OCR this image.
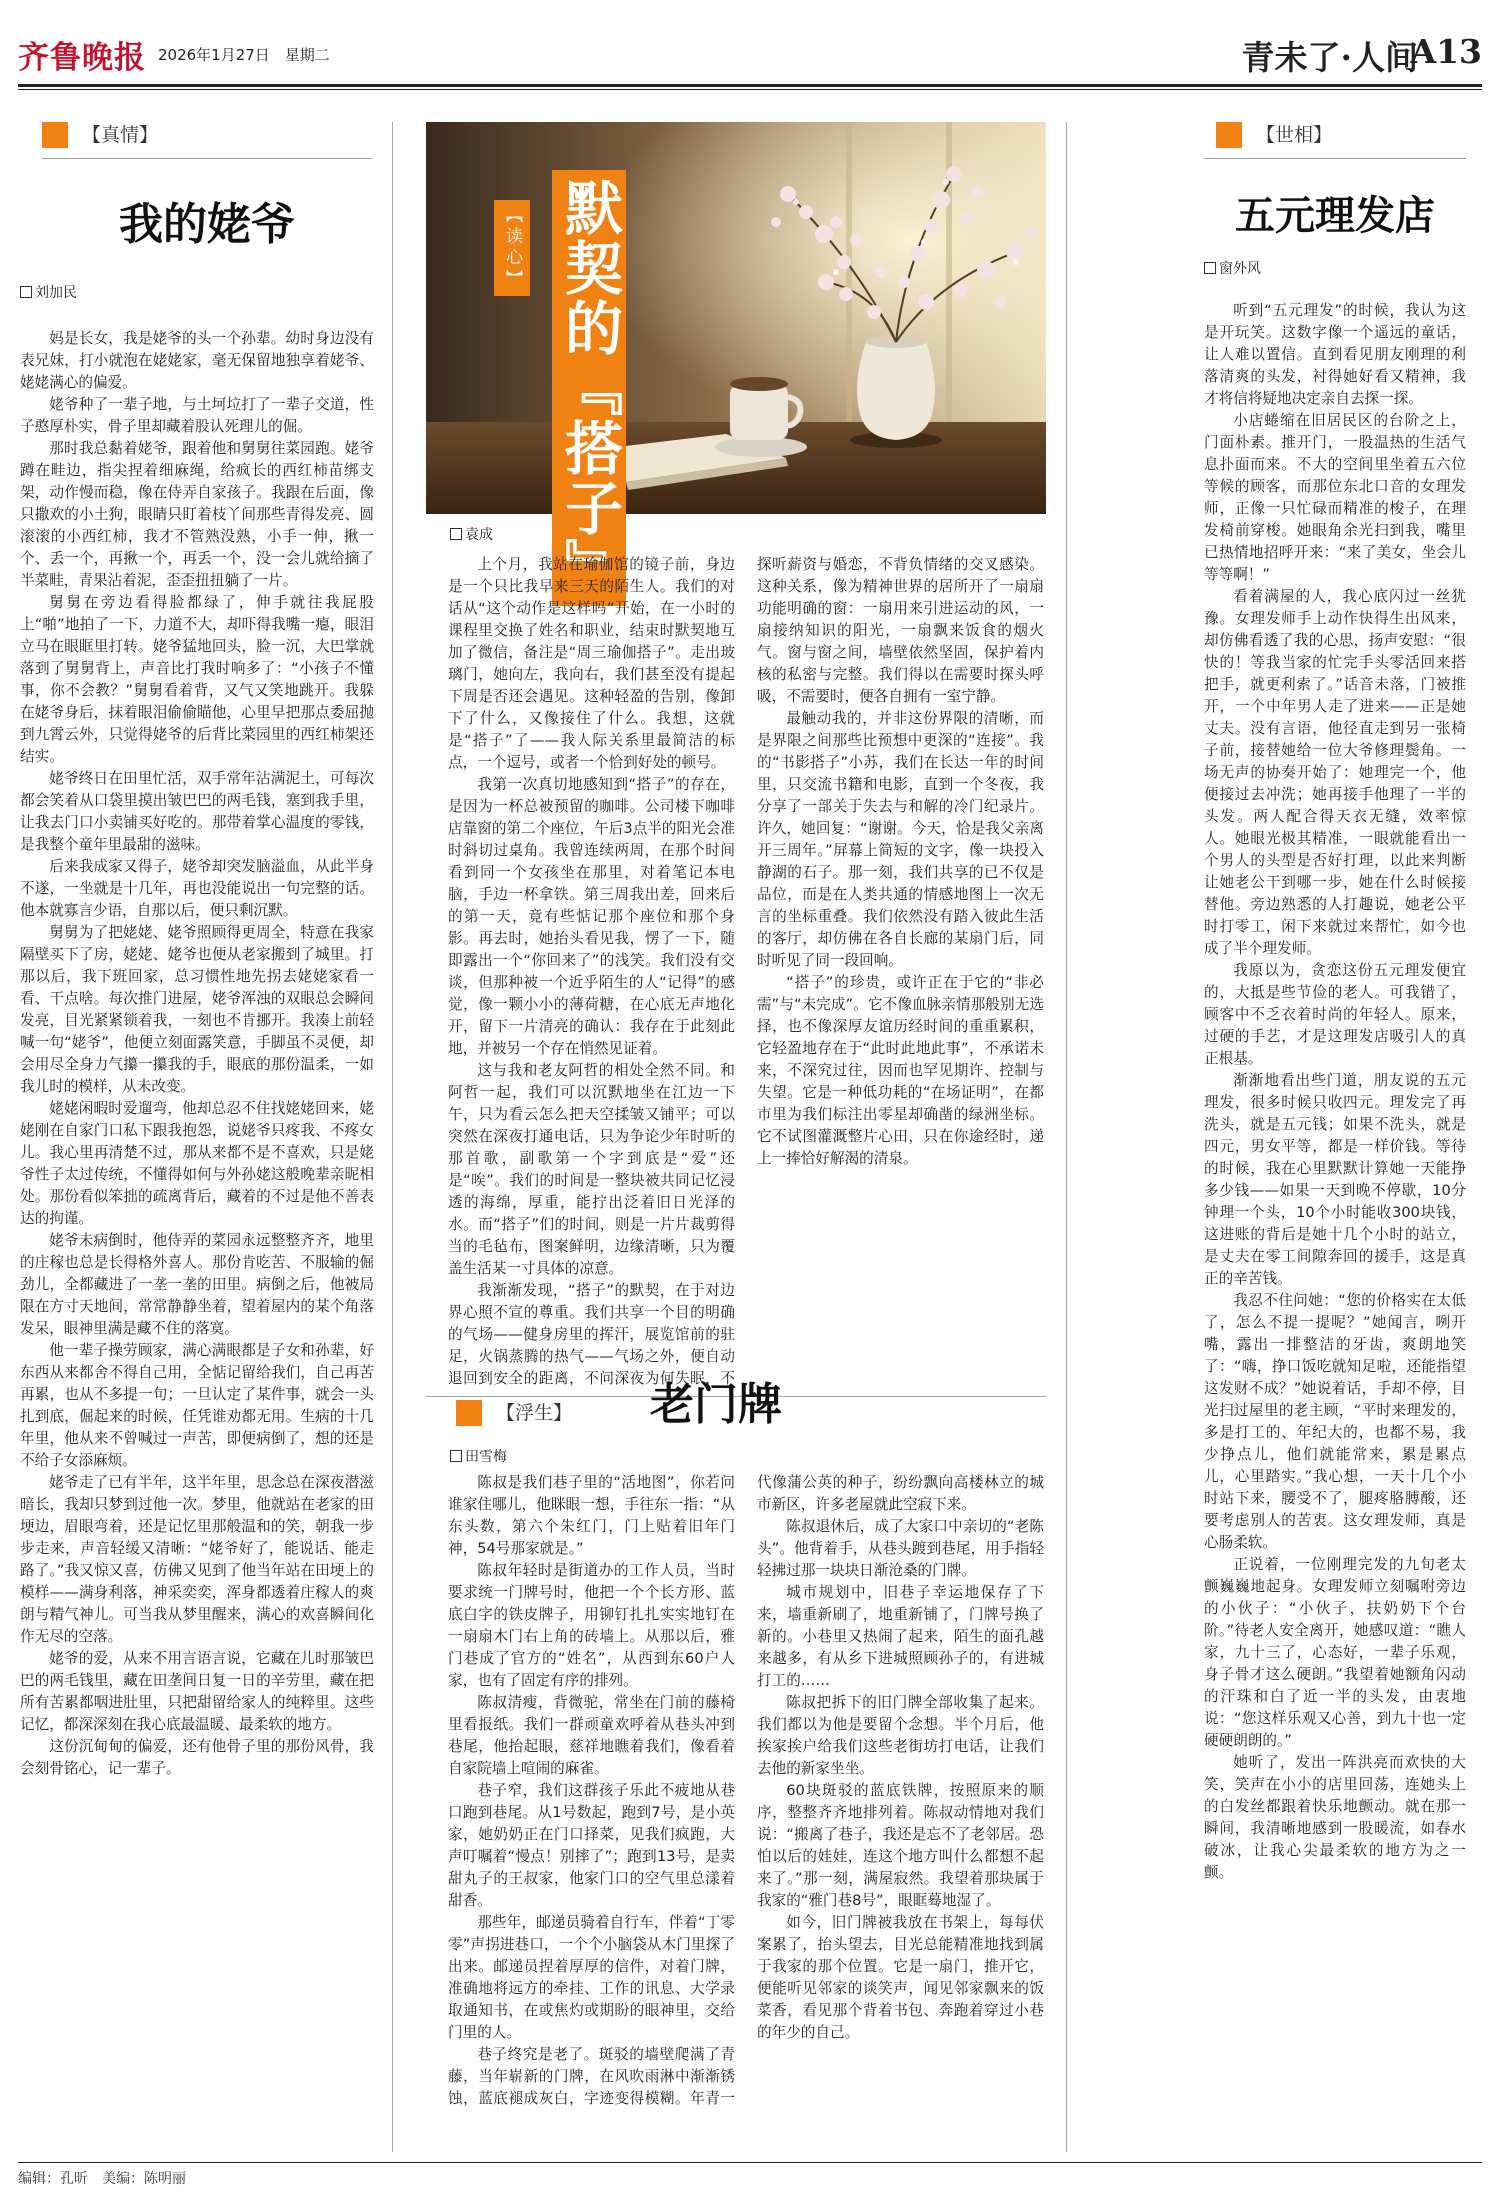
齐鲁晚报 2026年1月27日　星期二	青未了·人间
A13
【真情】
我的姥爷
刘加民

妈是长女，我是姥爷的头一个孙辈。幼时身边没有表兄妹，打小就泡在姥姥家，毫无保留地独享着姥爷、姥姥满心的偏爱。

姥爷种了一辈子地，与土坷垃打了一辈子交道，性子憨厚朴实，骨子里却藏着股认死理儿的倔。

那时我总黏着姥爷，跟着他和舅舅往菜园跑。姥爷蹲在畦边，指尖捏着细麻绳，给疯长的西红柿苗绑支架，动作慢而稳，像在侍弄自家孩子。我跟在后面，像只撒欢的小土狗，眼睛只盯着枝丫间那些青得发亮、圆滚滚的小西红柿，我才不管熟没熟，小手一伸，揪一个、丢一个，再揪一个，再丢一个，没一会儿就给摘了半菜畦，青果沾着泥，歪歪扭扭躺了一片。

舅舅在旁边看得脸都绿了，伸手就往我屁股上“啪”地拍了一下，力道不大，却吓得我嘴一瘪，眼泪立马在眼眶里打转。姥爷猛地回头，脸一沉，大巴掌就落到了舅舅背上，声音比打我时响多了：“小孩子不懂事，你不会教？”舅舅看着背，又气又笑地跳开。我躲在姥爷身后，抹着眼泪偷偷瞄他，心里早把那点委屈抛到九霄云外，只觉得姥爷的后背比菜园里的西红柿架还结实。

姥爷终日在田里忙活，双手常年沾满泥土，可每次都会笑着从口袋里摸出皱巴巴的两毛钱，塞到我手里，让我去门口小卖铺买好吃的。那带着掌心温度的零钱，是我整个童年里最甜的滋味。

后来我成家又得子，姥爷却突发脑溢血，从此半身不遂，一坐就是十几年，再也没能说出一句完整的话。他本就寡言少语，自那以后，便只剩沉默。

舅舅为了把姥姥、姥爷照顾得更周全，特意在我家隔壁买下了房，姥姥、姥爷也便从老家搬到了城里。打那以后，我下班回家，总习惯性地先拐去姥姥家看一看、干点啥。每次推门进屋，姥爷浑浊的双眼总会瞬间发亮，目光紧紧锁着我，一刻也不肯挪开。我凑上前轻喊一句“姥爷”，他便立刻面露笑意，手脚虽不灵便，却会用尽全身力气攥一攥我的手，眼底的那份温柔，一如我儿时的模样，从未改变。

姥姥闲暇时爱遛弯，他却总忍不住找姥姥回来，姥姥刚在自家门口私下跟我抱怨，说姥爷只疼我、不疼女儿。我心里再清楚不过，那从来都不是不喜欢，只是姥爷性子太过传统，不懂得如何与外孙姥这般晚辈亲昵相处。那份看似笨拙的疏离背后，藏着的不过是他不善表达的拘谨。

姥爷未病倒时，他侍弄的菜园永远整整齐齐，地里的庄稼也总是长得格外喜人。那份肯吃苦、不服输的倔劲儿，全都藏进了一垄一垄的田里。病倒之后，他被局限在方寸天地间，常常静静坐着，望着屋内的某个角落发呆，眼神里满是藏不住的落寞。

他一辈子操劳顾家，满心满眼都是子女和孙辈，好东西从来都舍不得自己用，全惦记留给我们，自己再苦再累，也从不多提一句；一旦认定了某件事，就会一头扎到底，倔起来的时候，任凭谁劝都无用。生病的十几年里，他从来不曾喊过一声苦，即便病倒了，想的还是不给子女添麻烦。

姥爷走了已有半年，这半年里，思念总在深夜潜滋暗长，我却只梦到过他一次。梦里，他就站在老家的田埂边，眉眼弯着，还是记忆里那般温和的笑，朝我一步步走来，声音轻缓又清晰：“姥爷好了，能说话、能走路了。”我又惊又喜，仿佛又见到了他当年站在田埂上的模样——满身利落，神采奕奕，浑身都透着庄稼人的爽朗与精气神儿。可当我从梦里醒来，满心的欢喜瞬间化作无尽的空落。

姥爷的爱，从来不用言语言说，它藏在儿时那皱巴巴的两毛钱里，藏在田垄间日复一日的辛劳里，藏在把所有苦累都咽进肚里，只把甜留给家人的纯粹里。这些记忆，都深深刻在我心底最温暖、最柔软的地方。

这份沉甸甸的偏爱，还有他骨子里的那份风骨，我会刻骨铭心，记一辈子。

【读心】 默契的『搭子』
袁成

上个月，我站在瑜伽馆的镜子前，身边是一个只比我早来三天的陌生人。我们的对话从“这个动作是这样吗”开始，在一小时的课程里交换了姓名和职业，结束时默契地互加了微信，备注是“周三瑜伽搭子”。走出玻璃门，她向左，我向右，我们甚至没有提起下周是否还会遇见。这种轻盈的告别，像卸下了什么，又像接住了什么。我想，这就是“搭子”了——我人际关系里最简洁的标点，一个逗号，或者一个恰到好处的顿号。

我第一次真切地感知到“搭子”的存在，是因为一杯总被预留的咖啡。公司楼下咖啡店靠窗的第二个座位，午后3点半的阳光会准时斜切过桌角。我曾连续两周，在那个时间看到同一个女孩坐在那里，对着笔记本电脑，手边一杯拿铁。第三周我出差，回来后的第一天，竟有些惦记那个座位和那个身影。再去时，她抬头看见我，愣了一下，随即露出一个“你回来了”的浅笑。我们没有交谈，但那种被一个近乎陌生的人“记得”的感觉，像一颗小小的薄荷糖，在心底无声地化开，留下一片清亮的确认：我存在于此刻此地，并被另一个存在悄然见证着。

这与我和老友阿哲的相处全然不同。和阿哲一起，我们可以沉默地坐在江边一下午，只为看云怎么把天空揉皱又铺平；可以突然在深夜打通电话，只为争论少年时听的那首歌，副歌第一个字到底是“爱”还是“唉”。我们的时间是一整块被共同记忆浸透的海绵，厚重，能拧出泛着旧日光泽的水。而“搭子”们的时间，则是一片片裁剪得当的毛毡布，图案鲜明，边缘清晰，只为覆盖生活某一寸具体的凉意。

我渐渐发现，“搭子”的默契，在于对边界心照不宣的尊重。我们共享一个目的明确的气场——健身房里的挥汗，展览馆前的驻足，火锅蒸腾的热气——气场之外，便自动退回到安全的距离，不问深夜为何失眠，不探听薪资与婚恋，不背负情绪的交叉感染。这种关系，像为精神世界的居所开了一扇扇功能明确的窗：一扇用来引进运动的风，一扇接纳知识的阳光，一扇飘来饭食的烟火气。窗与窗之间，墙壁依然坚固，保护着内核的私密与完整。我们得以在需要时探头呼吸，不需要时，便各自拥有一室宁静。

最触动我的，并非这份界限的清晰，而是界限之间那些比预想中更深的“连接”。我的“书影搭子”小苏，我们在长达一年的时间里，只交流书籍和电影，直到一个冬夜，我分享了一部关于失去与和解的冷门纪录片。许久，她回复：“谢谢。今天，恰是我父亲离开三周年。”屏幕上简短的文字，像一块投入静湖的石子。那一刻，我们共享的已不仅是品位，而是在人类共通的情感地图上一次无言的坐标重叠。我们依然没有踏入彼此生活的客厅，却仿佛在各自长廊的某扇门后，同时听见了同一段回响。

“搭子”的珍贵，或许正在于它的“非必需”与“未完成”。它不像血脉亲情那般别无选择，也不像深厚友谊历经时间的重重累积，它轻盈地存在于“此时此地此事”，不承诺未来，不深究过往，因而也罕见期许、控制与失望。它是一种低功耗的“在场证明”，在都市里为我们标注出零星却确凿的绿洲坐标。它不试图灌溉整片心田，只在你途经时，递上一捧恰好解渴的清泉。

【浮生】 老门牌
田雪梅

陈叔是我们巷子里的“活地图”，你若问谁家住哪儿，他眯眼一想，手往东一指：“从东头数，第六个朱红门，门上贴着旧年门神，54号那家就是。”

陈叔年轻时是街道办的工作人员，当时要求统一门牌号时，他把一个个长方形、蓝底白字的铁皮牌子，用铆钉扎扎实实地钉在一扇扇木门右上角的砖墙上。从那以后，雅门巷成了官方的“姓名”，从西到东60户人家，也有了固定有序的排列。

陈叔清瘦，背微驼，常坐在门前的藤椅里看报纸。我们一群顽童欢呼着从巷头冲到巷尾，他抬起眼，慈祥地瞧着我们，像看着自家院墙上喧闹的麻雀。

巷子窄，我们这群孩子乐此不疲地从巷口跑到巷尾。从1号数起，跑到7号，是小英家，她奶奶正在门口择菜，见我们疯跑，大声叮嘱着“慢点！别摔了”；跑到13号，是卖甜丸子的王叔家，他家门口的空气里总漾着甜香。

那些年，邮递员骑着自行车，伴着“丁零零”声拐进巷口，一个个小脑袋从木门里探了出来。邮递员捏着厚厚的信件，对着门牌，准确地将远方的牵挂、工作的讯息、大学录取通知书，在或焦灼或期盼的眼神里，交给门里的人。

巷子终究是老了。斑驳的墙壁爬满了青藤，当年崭新的门牌，在风吹雨淋中渐渐锈蚀，蓝底褪成灰白，字迹变得模糊。年青一代像蒲公英的种子，纷纷飘向高楼林立的城市新区，许多老屋就此空寂下来。

陈叔退休后，成了大家口中亲切的“老陈头”。他背着手，从巷头踱到巷尾，用手指轻轻拂过那一块块日渐沧桑的门牌。

城市规划中，旧巷子幸运地保存了下来，墙重新刷了，地重新铺了，门牌号换了新的。小巷里又热闹了起来，陌生的面孔越来越多，有从乡下进城照顾孙子的，有进城打工的……

陈叔把拆下的旧门牌全部收集了起来。我们都以为他是要留个念想。半个月后，他挨家挨户给我们这些老街坊打电话，让我们去他的新家坐坐。

60块斑驳的蓝底铁牌，按照原来的顺序，整整齐齐地排列着。陈叔动情地对我们说：“搬离了巷子，我还是忘不了老邻居。恐怕以后的娃娃，连这个地方叫什么都想不起来了。”那一刻，满屋寂然。我望着那块属于我家的“雅门巷8号”，眼眶蓦地湿了。

如今，旧门牌被我放在书架上，每每伏案累了，抬头望去，目光总能精准地找到属于我家的那个位置。它是一扇门，推开它，便能听见邻家的谈笑声，闻见邻家飘来的饭菜香，看见那个背着书包、奔跑着穿过小巷的年少的自己。

【世相】
五元理发店
窗外风

听到“五元理发”的时候，我认为这是开玩笑。这数字像一个遥远的童话，让人难以置信。直到看见朋友刚理的利落清爽的头发，衬得她好看又精神，我才将信将疑地决定亲自去探一探。

小店蜷缩在旧居民区的台阶之上，门面朴素。推开门，一股温热的生活气息扑面而来。不大的空间里坐着五六位等候的顾客，而那位东北口音的女理发师，正像一只忙碌而精准的梭子，在理发椅前穿梭。她眼角余光扫到我，嘴里已热情地招呼开来：“来了美女，坐会儿等等啊！”

看着满屋的人，我心底闪过一丝犹豫。女理发师手上动作快得生出风来，却仿佛看透了我的心思，扬声安慰：“很快的！等我当家的忙完手头零活回来搭把手，就更利索了。”话音未落，门被推开，一个中年男人走了进来——正是她丈夫。没有言语，他径直走到另一张椅子前，接替她给一位大爷修理鬓角。一场无声的协奏开始了：她理完一个，他便接过去冲洗；她再接手他理了一半的头发。两人配合得天衣无缝，效率惊人。她眼光极其精准，一眼就能看出一个男人的头型是否好打理，以此来判断让她老公干到哪一步，她在什么时候接替他。旁边熟悉的人打趣说，她老公平时打零工，闲下来就过来帮忙，如今也成了半个理发师。

我原以为，贪恋这份五元理发便宜的，大抵是些节俭的老人。可我错了，顾客中不乏衣着时尚的年轻人。原来，过硬的手艺，才是这理发店吸引人的真正根基。

渐渐地看出些门道，朋友说的五元理发，很多时候只收四元。理发完了再洗头，就是五元钱；如果不洗头，就是四元，男女平等，都是一样价钱。等待的时候，我在心里默默计算她一天能挣多少钱——如果一天到晚不停歇，10分钟理一个头，10个小时能收300块钱，这进账的背后是她十几个小时的站立，是丈夫在零工间隙奔回的援手，这是真正的辛苦钱。

我忍不住问她：“您的价格实在太低了，怎么不提一提呢？”她闻言，咧开嘴，露出一排整洁的牙齿，爽朗地笑了：“嗨，挣口饭吃就知足啦，还能指望这发财不成？”她说着话，手却不停，目光扫过屋里的老主顾，“平时来理发的，多是打工的、年纪大的，也都不易，我少挣点儿，他们就能常来，累是累点儿，心里踏实。”我心想，一天十几个小时站下来，腰受不了，腿疼胳膊酸，还要考虑别人的苦衷。这女理发师，真是心肠柔软。

正说着，一位刚理完发的九旬老太颤巍巍地起身。女理发师立刻嘱咐旁边的小伙子：“小伙子，扶奶奶下个台阶。”待老人安全离开，她感叹道：“瞧人家，九十三了，心态好，一辈子乐观，身子骨才这么硬朗。”我望着她额角闪动的汗珠和白了近一半的头发，由衷地说：“您这样乐观又心善，到九十也一定硬硬朗朗的。”

她听了，发出一阵洪亮而欢快的大笑，笑声在小小的店里回荡，连她头上的白发丝都跟着快乐地颤动。就在那一瞬间，我清晰地感到一股暖流，如春水破冰，让我心尖最柔软的地方为之一颤。

编辑：孔昕　美编：陈明丽
